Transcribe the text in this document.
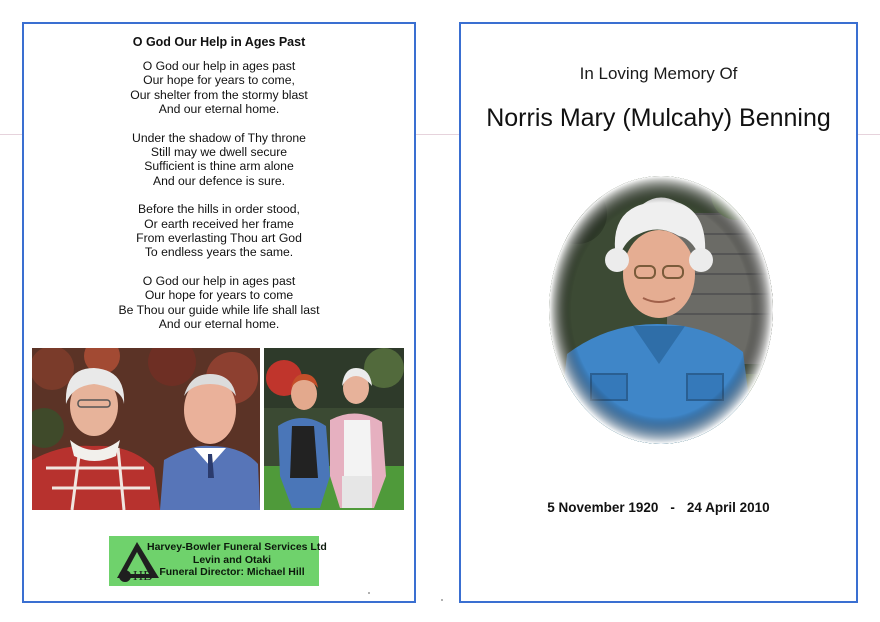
O God Our Help in Ages Past
O God our help in ages past
Our hope for years to come,
Our shelter from the stormy blast
And our eternal home.
Under the shadow of Thy throne
Still may we dwell secure
Sufficient is thine arm alone
And our defence is sure.
Before the hills in order stood,
Or earth received her frame
From everlasting Thou art God
To endless years the same.
O God our help in ages past
Our hope for years to come
Be Thou our guide while life shall last
And our eternal home.
HB
Harvey-Bowler Funeral Services Ltd
Levin and Otaki
Funeral Director: Michael Hill
In Loving Memory Of
Norris Mary (Mulcahy) Benning
5 November 1920 - 24 April 2010
